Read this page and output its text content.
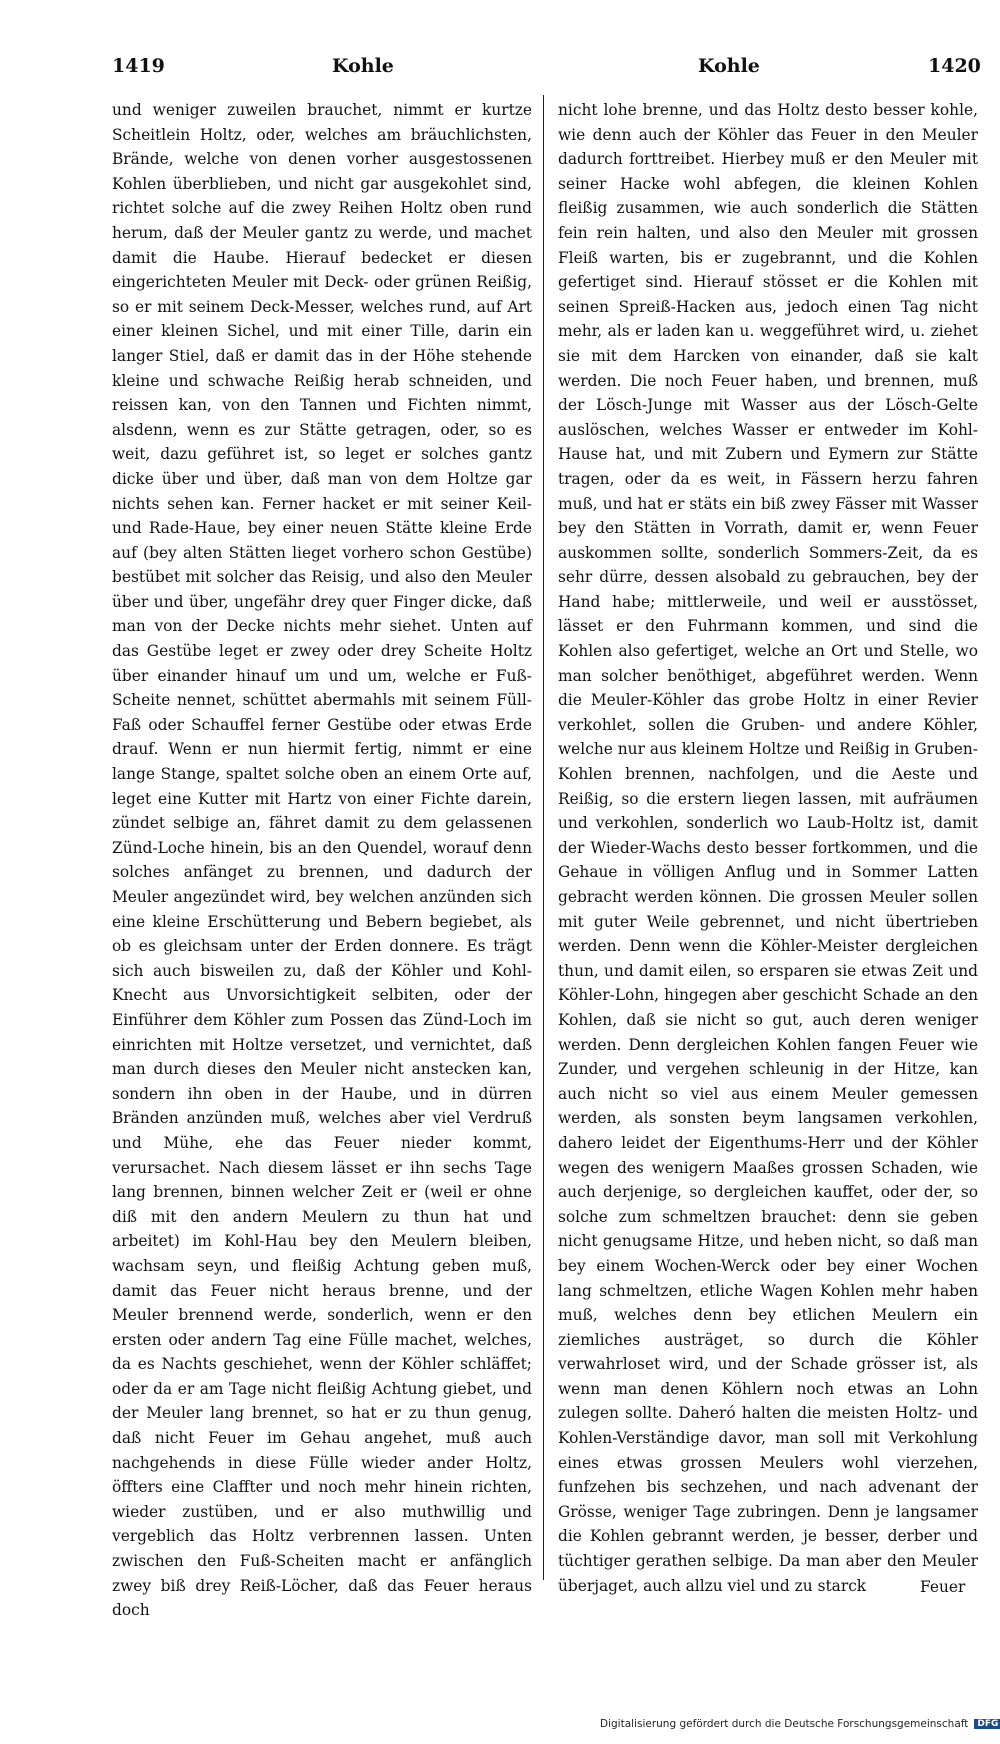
1419	Kohle	Kohle	1420
und weniger zuweilen brauchet, nimmt er kurtze Scheitlein Holtz, oder, welches am bräuchlichsten, Brände, welche von denen vorher ausgestossenen Kohlen überblieben, und nicht gar ausgekohlet sind, richtet solche auf die zwey Reihen Holtz oben rund herum, daß der Meuler gantz zu werde, und machet damit die Haube. Hierauf bedecket er diesen eingerichteten Meuler mit Deck- oder grünen Reißig, so er mit seinem Deck-Messer, welches rund, auf Art einer kleinen Sichel, und mit einer Tille, darin ein langer Stiel, daß er damit das in der Höhe stehende kleine und schwache Reißig herab schneiden, und reissen kan, von den Tannen und Fichten nimmt, alsdenn, wenn es zur Stätte getragen, oder, so es weit, dazu geführet ist, so leget er solches gantz dicke über und über, daß man von dem Holtze gar nichts sehen kan. Ferner hacket er mit seiner Keil- und Rade-Haue, bey einer neuen Stätte kleine Erde auf (bey alten Stätten lieget vorhero schon Gestübe) bestübet mit solcher das Reisig, und also den Meuler über und über, ungefähr drey quer Finger dicke, daß man von der Decke nichts mehr siehet. Unten auf das Gestübe leget er zwey oder drey Scheite Holtz über einander hinauf um und um, welche er Fuß-Scheite nennet, schüttet abermahls mit seinem Füll-Faß oder Schauffel ferner Gestübe oder etwas Erde drauf. Wenn er nun hiermit fertig, nimmt er eine lange Stange, spaltet solche oben an einem Orte auf, leget eine Kutter mit Hartz von einer Fichte darein, zündet selbige an, fähret damit zu dem gelassenen Zünd-Loche hinein, bis an den Quendel, worauf denn solches anfänget zu brennen, und dadurch der Meuler angezündet wird, bey welchen anzünden sich eine kleine Erschütterung und Bebern begiebet, als ob es gleichsam unter der Erden donnere. Es trägt sich auch bisweilen zu, daß der Köhler und Kohl-Knecht aus Unvorsichtigkeit selbiten, oder der Einführer dem Köhler zum Possen das Zünd-Loch im einrichten mit Holtze versetzet, und vernichtet, daß man durch dieses den Meuler nicht anstecken kan, sondern ihn oben in der Haube, und in dürren Bränden anzünden muß, welches aber viel Verdruß und Mühe, ehe das Feuer nieder kommt, verursachet. Nach diesem lässet er ihn sechs Tage lang brennen, binnen welcher Zeit er (weil er ohne diß mit den andern Meulern zu thun hat und arbeitet) im Kohl-Hau bey den Meulern bleiben, wachsam seyn, und fleißig Achtung geben muß, damit das Feuer nicht heraus brenne, und der Meuler brennend werde, sonderlich, wenn er den ersten oder andern Tag eine Fülle machet, welches, da es Nachts geschiehet, wenn der Köhler schläffet; oder da er am Tage nicht fleißig Achtung giebet, und der Meuler lang brennet, so hat er zu thun genug, daß nicht Feuer im Gehau angehet, muß auch nachgehends in diese Fülle wieder ander Holtz, öffters eine Claffter und noch mehr hinein richten, wieder zustüben, und er also muthwillig und vergeblich das Holtz verbrennen lassen. Unten zwischen den Fuß-Scheiten macht er anfänglich zwey biß drey Reiß-Löcher, daß das Feuer heraus doch
nicht lohe brenne, und das Holtz desto besser kohle, wie denn auch der Köhler das Feuer in den Meuler dadurch forttreibet. Hierbey muß er den Meuler mit seiner Hacke wohl abfegen, die kleinen Kohlen fleißig zusammen, wie auch sonderlich die Stätten fein rein halten, und also den Meuler mit grossen Fleiß warten, bis er zugebrannt, und die Kohlen gefertiget sind. Hierauf stösset er die Kohlen mit seinen Spreiß-Hacken aus, jedoch einen Tag nicht mehr, als er laden kan u. weggeführet wird, u. ziehet sie mit dem Harcken von einander, daß sie kalt werden. Die noch Feuer haben, und brennen, muß der Lösch-Junge mit Wasser aus der Lösch-Gelte auslöschen, welches Wasser er entweder im Kohl-Hause hat, und mit Zubern und Eymern zur Stätte tragen, oder da es weit, in Fässern herzu fahren muß, und hat er stäts ein biß zwey Fässer mit Wasser bey den Stätten in Vorrath, damit er, wenn Feuer auskommen sollte, sonderlich Sommers-Zeit, da es sehr dürre, dessen alsobald zu gebrauchen, bey der Hand habe; mittlerweile, und weil er ausstösset, lässet er den Fuhrmann kommen, und sind die Kohlen also gefertiget, welche an Ort und Stelle, wo man solcher benöthiget, abgeführet werden. Wenn die Meuler-Köhler das grobe Holtz in einer Revier verkohlet, sollen die Gruben- und andere Köhler, welche nur aus kleinem Holtze und Reißig in Gruben-Kohlen brennen, nachfolgen, und die Aeste und Reißig, so die erstern liegen lassen, mit aufräumen und verkohlen, sonderlich wo Laub-Holtz ist, damit der Wieder-Wachs desto besser fortkommen, und die Gehaue in völligen Anflug und in Sommer Latten gebracht werden können. Die grossen Meuler sollen mit guter Weile gebrennet, und nicht übertrieben werden. Denn wenn die Köhler-Meister dergleichen thun, und damit eilen, so ersparen sie etwas Zeit und Köhler-Lohn, hingegen aber geschicht Schade an den Kohlen, daß sie nicht so gut, auch deren weniger werden. Denn dergleichen Kohlen fangen Feuer wie Zunder, und vergehen schleunig in der Hitze, kan auch nicht so viel aus einem Meuler gemessen werden, als sonsten beym langsamen verkohlen, dahero leidet der Eigenthums-Herr und der Köhler wegen des wenigern Maaßes grossen Schaden, wie auch derjenige, so dergleichen kauffet, oder der, so solche zum schmeltzen brauchet: denn sie geben nicht genugsame Hitze, und heben nicht, so daß man bey einem Wochen-Werck oder bey einer Wochen lang schmeltzen, etliche Wagen Kohlen mehr haben muß, welches denn bey etlichen Meulern ein ziemliches austräget, so durch die Köhler verwahrloset wird, und der Schade grösser ist, als wenn man denen Köhlern noch etwas an Lohn zulegen sollte. Daheró halten die meisten Holtz- und Kohlen-Verständige davor, man soll mit Verkohlung eines etwas grossen Meulers wohl vierzehen, funfzehen bis sechzehen, und nach advenant der Grösse, weniger Tage zubringen. Denn je langsamer die Kohlen gebrannt werden, je besser, derber und tüchtiger gerathen selbige. Da man aber den Meuler überjaget, auch allzu viel und zu starck	Feuer
Digitalisierung gefördert durch die Deutsche Forschungsgemeinschaft DFG
